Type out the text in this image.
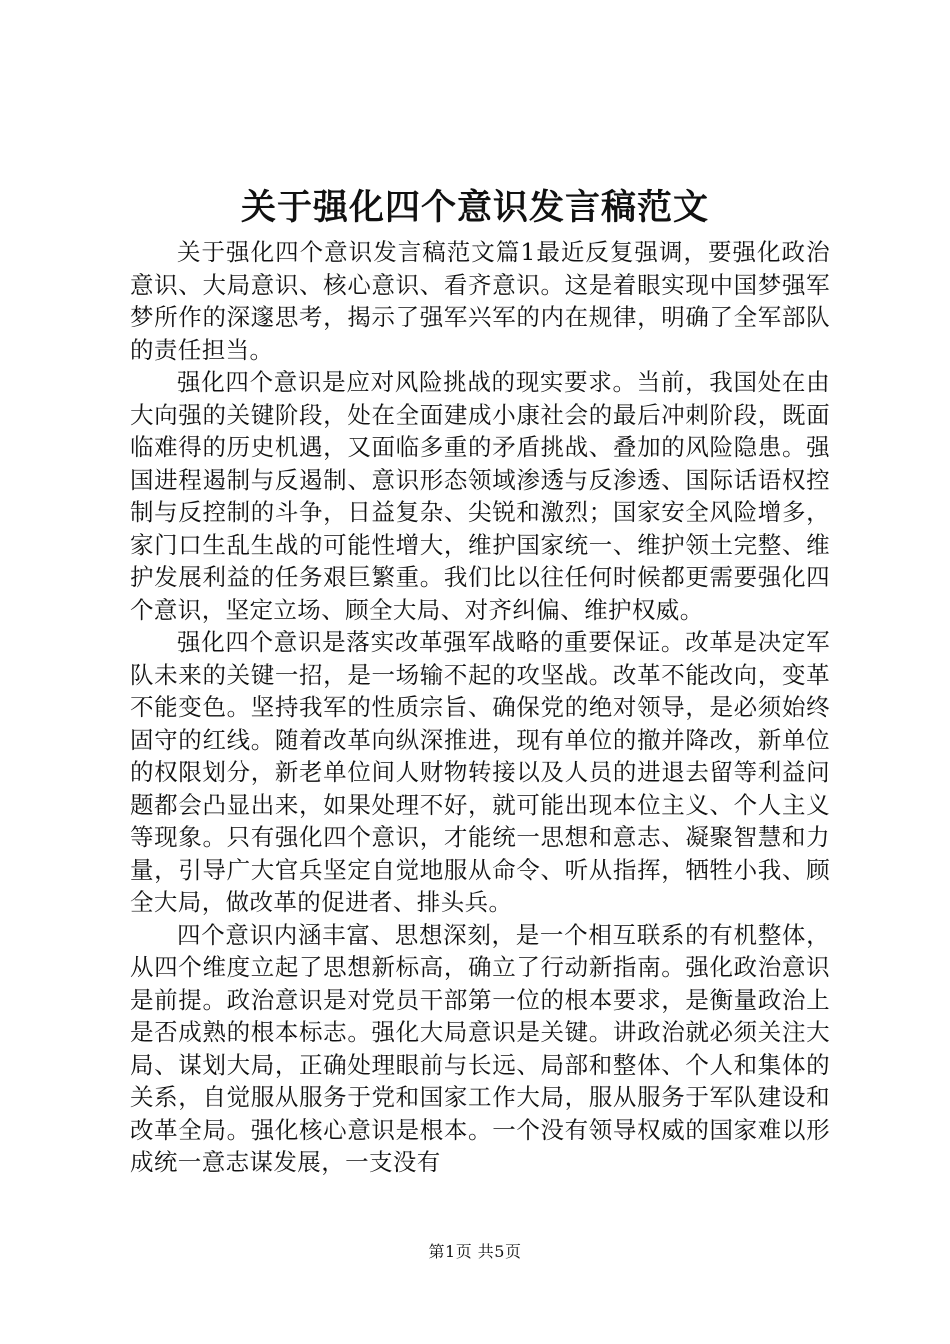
关于强化四个意识发言稿范文

关于强化四个意识发言稿范文篇1最近反复强调，要强化政治意识、大局意识、核心意识、看齐意识。这是着眼实现中国梦强军梦所作的深邃思考，揭示了强军兴军的内在规律，明确了全军部队的责任担当。

强化四个意识是应对风险挑战的现实要求。当前，我国处在由大向强的关键阶段，处在全面建成小康社会的最后冲刺阶段，既面临难得的历史机遇，又面临多重的矛盾挑战、叠加的风险隐患。强国进程遏制与反遏制、意识形态领域渗透与反渗透、国际话语权控制与反控制的斗争，日益复杂、尖锐和激烈；国家安全风险增多，家门口生乱生战的可能性增大，维护国家统一、维护领土完整、维护发展利益的任务艰巨繁重。我们比以往任何时候都更需要强化四个意识，坚定立场、顾全大局、对齐纠偏、维护权威。

强化四个意识是落实改革强军战略的重要保证。改革是决定军队未来的关键一招，是一场输不起的攻坚战。改革不能改向，变革不能变色。坚持我军的性质宗旨、确保党的绝对领导，是必须始终固守的红线。随着改革向纵深推进，现有单位的撤并降改，新单位的权限划分，新老单位间人财物转接以及人员的进退去留等利益问题都会凸显出来，如果处理不好，就可能出现本位主义、个人主义等现象。只有强化四个意识，才能统一思想和意志、凝聚智慧和力量，引导广大官兵坚定自觉地服从命令、听从指挥，牺牲小我、顾全大局，做改革的促进者、排头兵。

四个意识内涵丰富、思想深刻，是一个相互联系的有机整体，从四个维度立起了思想新标高，确立了行动新指南。强化政治意识是前提。政治意识是对党员干部第一位的根本要求，是衡量政治上是否成熟的根本标志。强化大局意识是关键。讲政治就必须关注大局、谋划大局，正确处理眼前与长远、局部和整体、个人和集体的关系，自觉服从服务于党和国家工作大局，服从服务于军队建设和改革全局。强化核心意识是根本。一个没有领导权威的国家难以形成统一意志谋发展，一支没有

第1页 共5页
